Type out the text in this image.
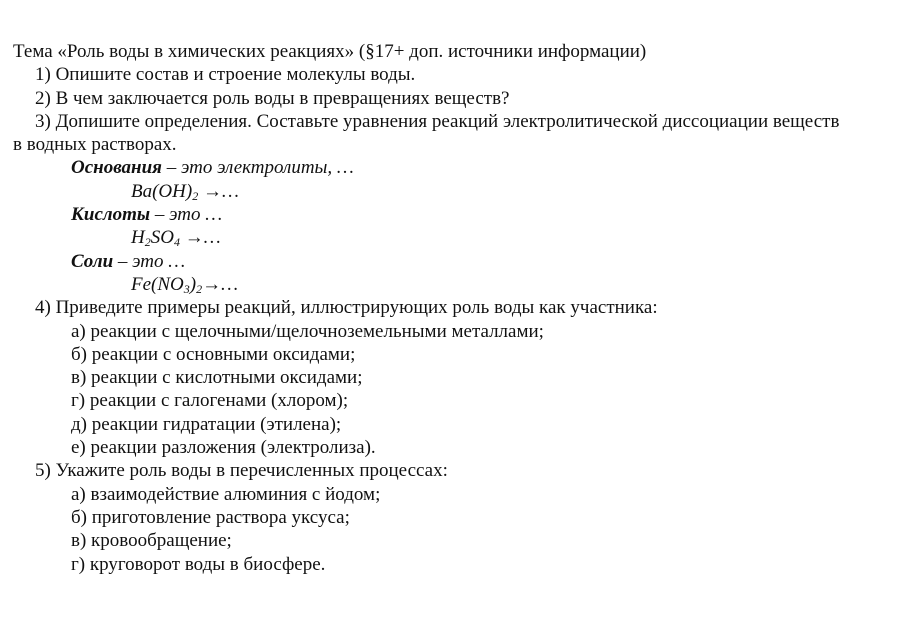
Тема «Роль воды в химических реакциях» (§17+ доп. источники информации)
1) Опишите состав и строение молекулы воды.
2) В чем заключается роль воды в превращениях веществ?
3) Допишите определения. Составьте уравнения реакций электролитической диссоциации веществ
в водных растворах.
Основания – это электролиты, …
$Ba(OH)_2$ →…
Кислоты – это …
$H_2SO_4$ →…
Соли – это …
$Fe(NO_3)_2\to\dots$
4) Приведите примеры реакций, иллюстрирующих роль воды как участника:
а) реакции с щелочными/щелочноземельными металлами;
б) реакции с основными оксидами;
в) реакции с кислотными оксидами;
г) реакции с галогенами (хлором);
д) реакции гидратации (этилена);
е) реакции разложения (электролиза).
5) Укажите роль воды в перечисленных процессах:
а) взаимодействие алюминия с йодом;
б) приготовление раствора уксуса;
в) кровообращение;
г) круговорот воды в биосфере.
